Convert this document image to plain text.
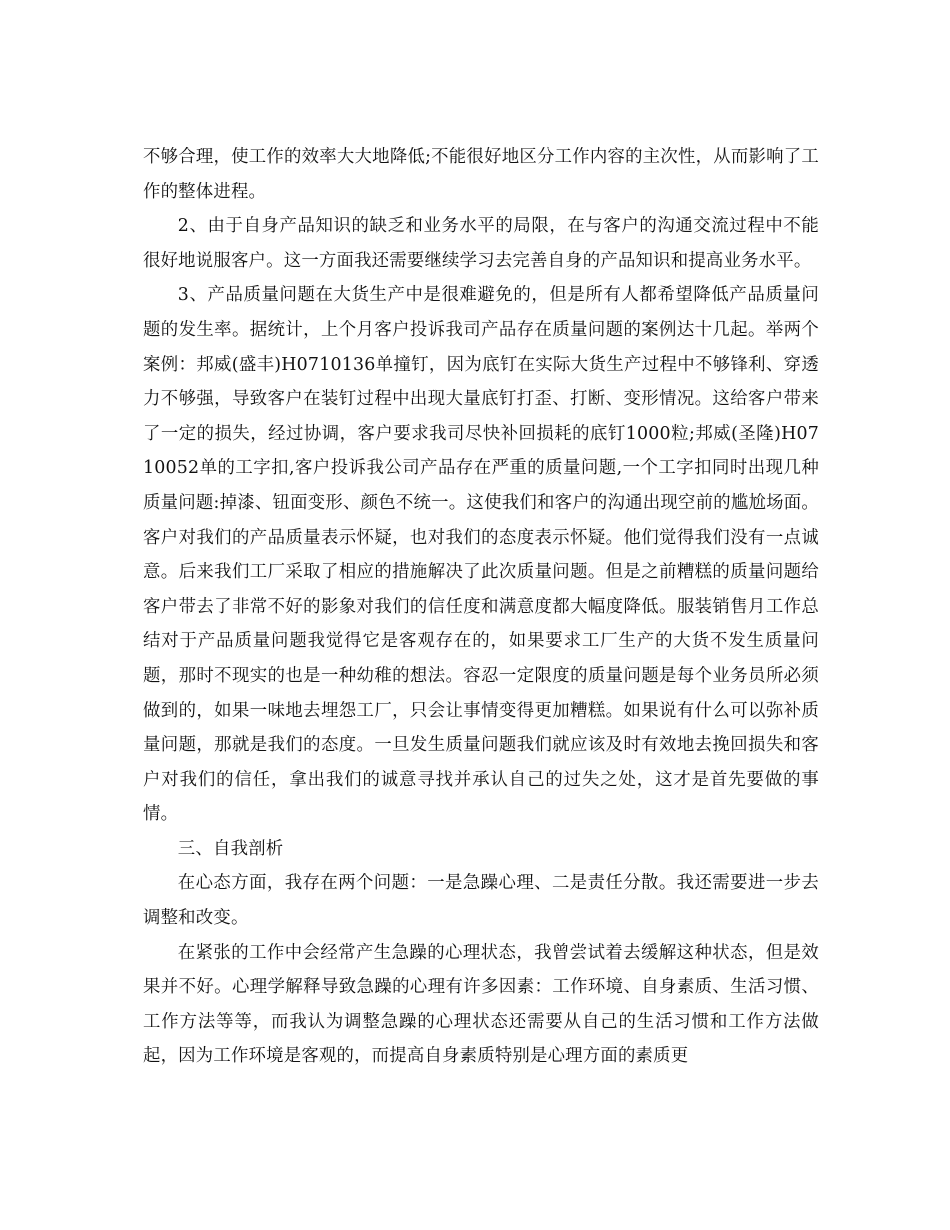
不够合理，使工作的效率大大地降低;不能很好地区分工作内容的主次性，从而影响了工作的整体进程。

2、由于自身产品知识的缺乏和业务水平的局限，在与客户的沟通交流过程中不能很好地说服客户。这一方面我还需要继续学习去完善自身的产品知识和提高业务水平。

3、产品质量问题在大货生产中是很难避免的，但是所有人都希望降低产品质量问题的发生率。据统计，上个月客户投诉我司产品存在质量问题的案例达十几起。举两个案例：邦威(盛丰)H0710136单撞钉，因为底钉在实际大货生产过程中不够锋利、穿透力不够强，导致客户在装钉过程中出现大量底钉打歪、打断、变形情况。这给客户带来了一定的损失，经过协调，客户要求我司尽快补回损耗的底钉1000粒;邦威(圣隆)H0710052单的工字扣,客户投诉我公司产品存在严重的质量问题,一个工字扣同时出现几种质量问题:掉漆、钮面变形、颜色不统一。这使我们和客户的沟通出现空前的尴尬场面。客户对我们的产品质量表示怀疑，也对我们的态度表示怀疑。他们觉得我们没有一点诚意。后来我们工厂采取了相应的措施解决了此次质量问题。但是之前糟糕的质量问题给客户带去了非常不好的影象对我们的信任度和满意度都大幅度降低。服装销售月工作总结对于产品质量问题我觉得它是客观存在的，如果要求工厂生产的大货不发生质量问题，那时不现实的也是一种幼稚的想法。容忍一定限度的质量问题是每个业务员所必须做到的，如果一味地去埋怨工厂，只会让事情变得更加糟糕。如果说有什么可以弥补质量问题，那就是我们的态度。一旦发生质量问题我们就应该及时有效地去挽回损失和客户对我们的信任，拿出我们的诚意寻找并承认自己的过失之处，这才是首先要做的事情。

三、自我剖析

在心态方面，我存在两个问题：一是急躁心理、二是责任分散。我还需要进一步去调整和改变。

在紧张的工作中会经常产生急躁的心理状态，我曾尝试着去缓解这种状态，但是效果并不好。心理学解释导致急躁的心理有许多因素：工作环境、自身素质、生活习惯、工作方法等等，而我认为调整急躁的心理状态还需要从自己的生活习惯和工作方法做起，因为工作环境是客观的，而提高自身素质特别是心理方面的素质更
